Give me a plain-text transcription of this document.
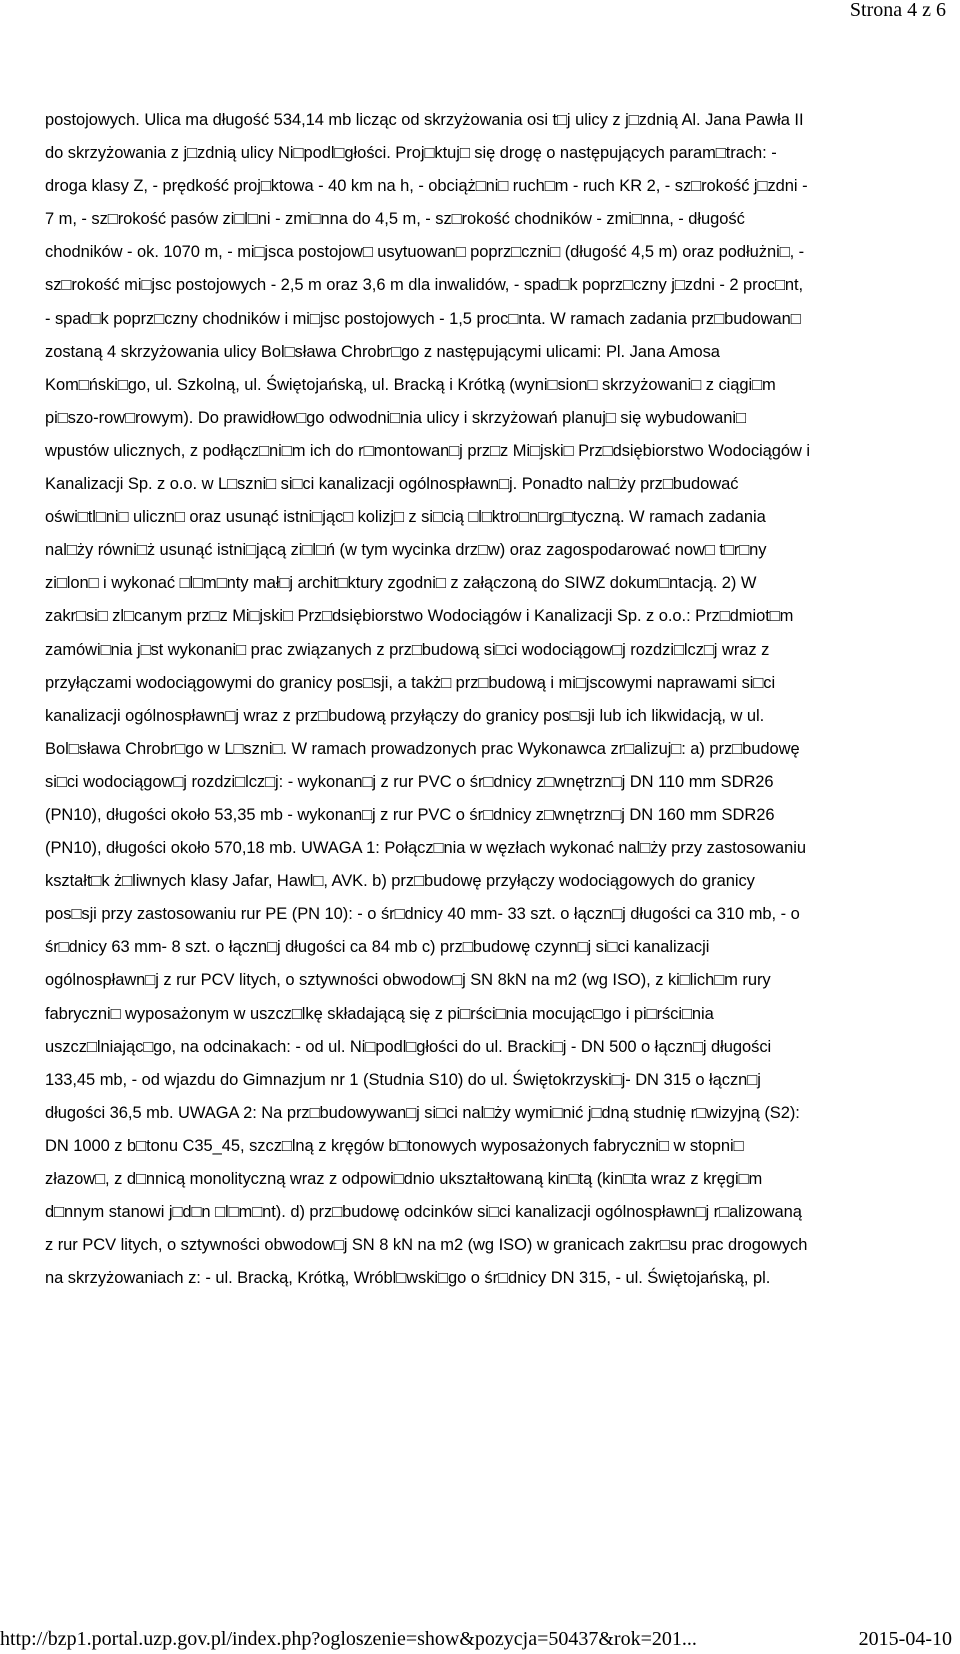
Strona 4 z 6
postojowych. Ulica ma długość 534,14 mb licząc od skrzyżowania osi t□j ulicy z j□zdnią Al. Jana Pawła II
do skrzyżowania z j□zdnią ulicy Ni□podl□głości. Proj□ktuj□ się drogę o następujących param□trach: -
droga klasy Z, - prędkość proj□ktowa - 40 km na h, - obciąż□ni□ ruch□m - ruch KR 2, - sz□rokość j□zdni -
7 m, - sz□rokość pasów zi□l□ni - zmi□nna do 4,5 m, - sz□rokość chodników - zmi□nna, - długość
chodników - ok. 1070 m, - mi□jsca postojow□ usytuowan□ poprz□czni□ (długość 4,5 m) oraz podłużni□, -
sz□rokość mi□jsc postojowych - 2,5 m oraz 3,6 m dla inwalidów, - spad□k poprz□czny j□zdni - 2 proc□nt,
- spad□k poprz□czny chodników i mi□jsc postojowych - 1,5 proc□nta. W ramach zadania prz□budowan□
zostaną 4 skrzyżowania ulicy Bol□sława Chrobr□go z następującymi ulicami: Pl. Jana Amosa
Kom□ński□go, ul. Szkolną, ul. Świętojańską, ul. Bracką i Krótką (wyni□sion□ skrzyżowani□ z ciągi□m
pi□szo-row□rowym). Do prawidłow□go odwodni□nia ulicy i skrzyżowań planuj□ się wybudowani□
wpustów ulicznych, z podłącz□ni□m ich do r□montowan□j prz□z Mi□jski□ Prz□dsiębiorstwo Wodociągów i
Kanalizacji Sp. z o.o. w L□szni□ si□ci kanalizacji ogólnospławn□j. Ponadto nal□ży prz□budować
oświ□tl□ni□ uliczn□ oraz usunąć istni□jąc□ kolizj□ z si□cią □l□ktro□n□rg□tyczną. W ramach zadania
nal□ży równi□ż usunąć istni□jącą zi□l□ń (w tym wycinka drz□w) oraz zagospodarować now□ t□r□ny
zi□lon□ i wykonać □l□m□nty mał□j archit□ktury zgodni□ z załączoną do SIWZ dokum□ntacją. 2) W
zakr□si□ zl□canym prz□z Mi□jski□ Prz□dsiębiorstwo Wodociągów i Kanalizacji Sp. z o.o.: Prz□dmiot□m
zamówi□nia j□st wykonani□ prac związanych z prz□budową si□ci wodociągow□j rozdzi□lcz□j wraz z
przyłączami wodociągowymi do granicy pos□sji, a takż□ prz□budową i mi□jscowymi naprawami si□ci
kanalizacji ogólnospławn□j wraz z prz□budową przyłączy do granicy pos□sji lub ich likwidacją, w ul.
Bol□sława Chrobr□go w L□szni□. W ramach prowadzonych prac Wykonawca zr□alizuj□: a) prz□budowę
si□ci wodociągow□j rozdzi□lcz□j: - wykonan□j z rur PVC o śr□dnicy z□wnętrzn□j DN 110 mm SDR26
(PN10), długości około 53,35 mb - wykonan□j z rur PVC o śr□dnicy z□wnętrzn□j DN 160 mm SDR26
(PN10), długości około 570,18 mb. UWAGA 1: Połącz□nia w węzłach wykonać nal□ży przy zastosowaniu
kształt□k ż□liwnych klasy Jafar, Hawl□, AVK. b) prz□budowę przyłączy wodociągowych do granicy
pos□sji przy zastosowaniu rur PE (PN 10): - o śr□dnicy 40 mm- 33 szt. o łączn□j długości ca 310 mb, - o
śr□dnicy 63 mm- 8 szt. o łączn□j długości ca 84 mb c) prz□budowę czynn□j si□ci kanalizacji
ogólnospławn□j z rur PCV litych, o sztywności obwodow□j SN 8kN na m2 (wg ISO), z ki□lich□m rury
fabryczni□ wyposażonym w uszcz□lkę składającą się z pi□rści□nia mocując□go i pi□rści□nia
uszcz□lniając□go, na odcinakach: - od ul. Ni□podl□głości do ul. Bracki□j - DN 500 o łączn□j długości
133,45 mb, - od wjazdu do Gimnazjum nr 1 (Studnia S10) do ul. Świętokrzyski□j- DN 315 o łączn□j
długości 36,5 mb. UWAGA 2: Na prz□budowywan□j si□ci nal□ży wymi□nić j□dną studnię r□wizyjną (S2):
DN 1000 z b□tonu C35_45, szcz□lną z kręgów b□tonowych wyposażonych fabryczni□ w stopni□
złazow□, z d□nnicą monolityczną wraz z odpowi□dnio ukształtowaną kin□tą (kin□ta wraz z kręgi□m
d□nnym stanowi j□d□n □l□m□nt). d) prz□budowę odcinków si□ci kanalizacji ogólnospławn□j r□alizowaną
z rur PCV litych, o sztywności obwodow□j SN 8 kN na m2 (wg ISO) w granicach zakr□su prac drogowych
na skrzyżowaniach z: - ul. Bracką, Krótką, Wróbl□wski□go o śr□dnicy DN 315, - ul. Świętojańską, pl.
http://bzp1.portal.uzp.gov.pl/index.php?ogloszenie=show&pozycja=50437&rok=201...	2015-04-10
